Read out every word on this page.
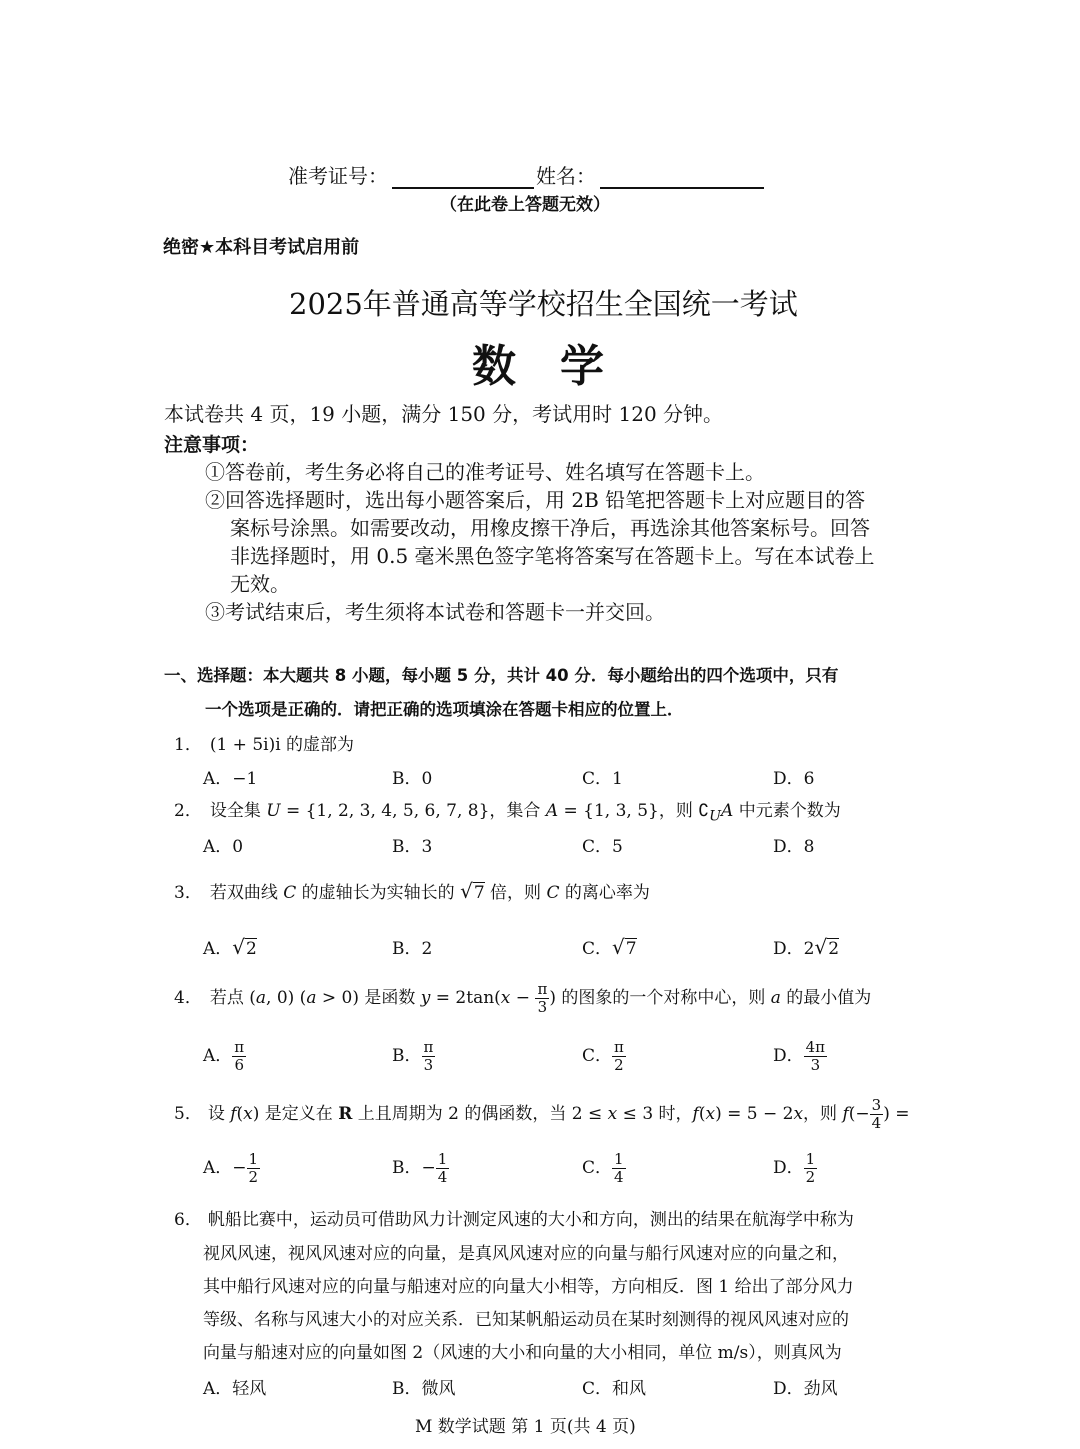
准考证号：	姓名：
（在此卷上答题无效）
绝密★本科目考试启用前
2025年普通高等学校招生全国统一考试
数　学
本试卷共 4 页，19 小题，满分 150 分，考试用时 120 分钟。
注意事项：
①答卷前，考生务必将自己的准考证号、姓名填写在答题卡上。
②回答选择题时，选出每小题答案后，用 2B 铅笔把答题卡上对应题目的答
案标号涂黑。如需要改动，用橡皮擦干净后，再选涂其他答案标号。回答
非选择题时，用 0.5 毫米黑色签字笔将答案写在答题卡上。写在本试卷上
无效。
③考试结束后，考生须将本试卷和答题卡一并交回。
一、选择题：本大题共 8 小题，每小题 5 分，共计 40 分．每小题给出的四个选项中，只有
一个选项是正确的．请把正确的选项填涂在答题卡相应的位置上．
1． (1 + 5i)i 的虚部为
A．−1	B．0	C．1	D．6
2． 设全集 U = {1, 2, 3, 4, 5, 6, 7, 8}，集合 A = {1, 3, 5}，则 $∁_UA$ 中元素个数为
A．0	B．3	C．5	D．8
3． 若双曲线 C 的虚轴长为实轴长的 √7 倍，则 C 的离心率为
A．√2	B．2	C．√7	D．2√2
4． 若点 (a, 0) (a > 0) 是函数 $y = 2\tan(x - \frac{\pi}{3}$ ) 的图象的一个对称中心，则 a 的最小值为
A． $\frac{\pi}{6}$	B． $\frac{\pi}{3}$	C． $\frac{\pi}{2}$	D． $\frac{4\pi}{3}$
5． 设 f(x) 是定义在 R 上且周期为 2 的偶函数，当 2 ≤ x ≤ 3 时，f(x) = 5 − 2x，则 $f(- \frac{3}{4}$ ) =
A．− $\frac{1}{2}$	B．− $\frac{1}{4}$	C． $\frac{1}{4}$	D． $\frac{1}{2}$
6． 帆船比赛中，运动员可借助风力计测定风速的大小和方向，测出的结果在航海学中称为
视风风速，视风风速对应的向量，是真风风速对应的向量与船行风速对应的向量之和，
其中船行风速对应的向量与船速对应的向量大小相等，方向相反．图 1 给出了部分风力
等级、名称与风速大小的对应关系．已知某帆船运动员在某时刻测得的视风风速对应的
向量与船速对应的向量如图 2（风速的大小和向量的大小相同，单位 m/s），则真风为
A．轻风	B．微风	C．和风	D．劲风
M 数学试题 第 1 页(共 4 页)
